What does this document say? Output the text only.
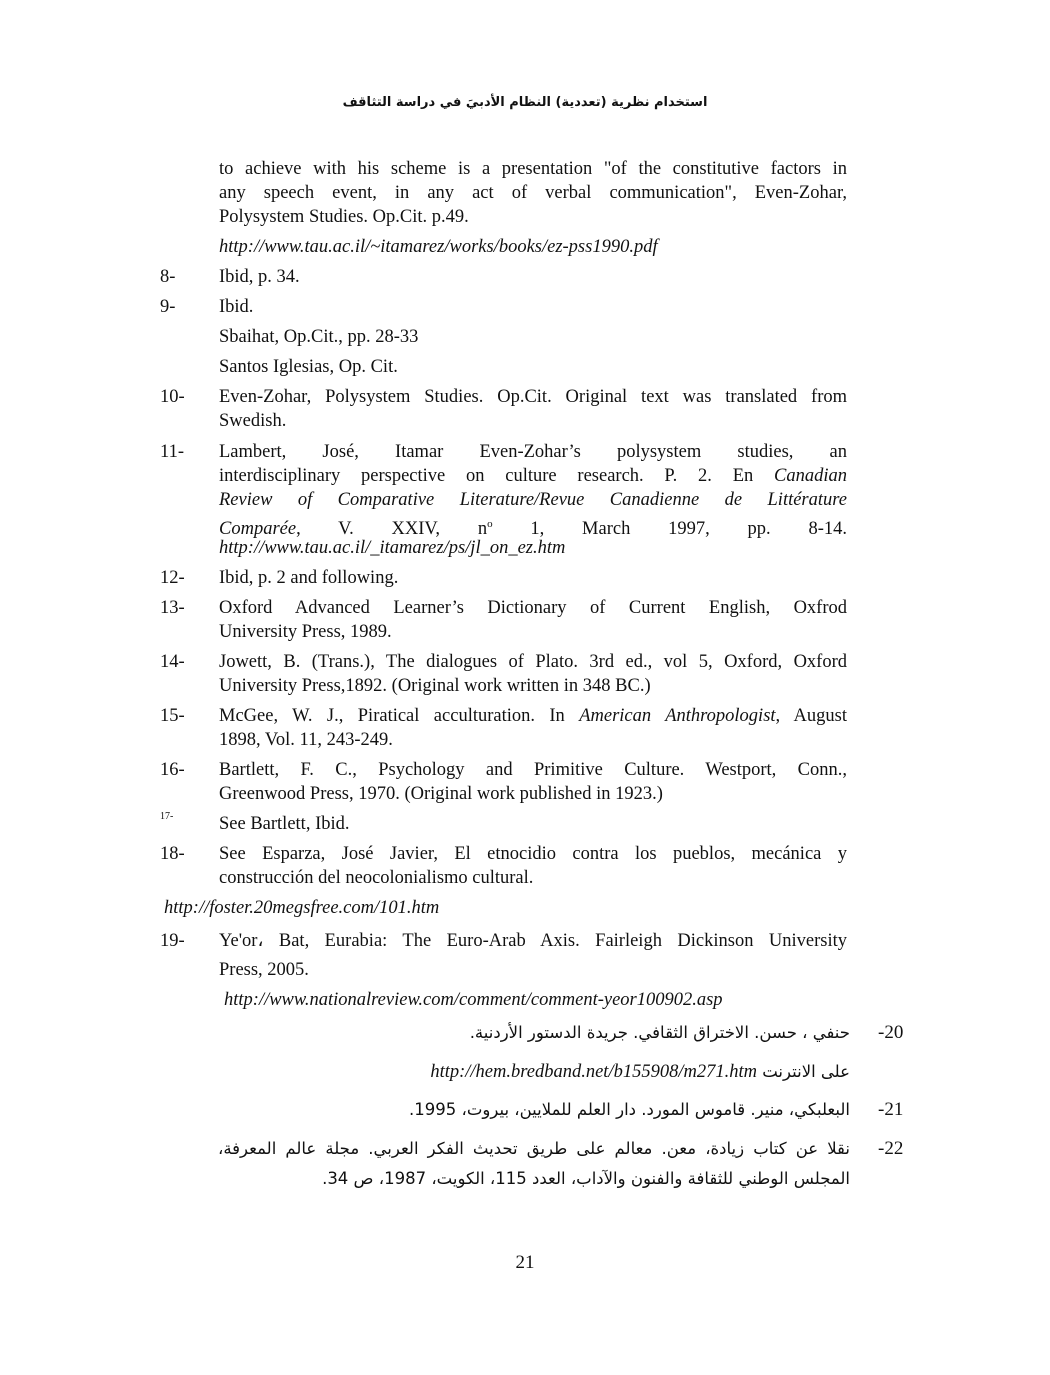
استخدام نظرية (تعددية) النظام الأدبيَ في دراسة التثاقف
to achieve with his scheme is a presentation "of the constitutive factors in
any speech event, in any act of verbal communication", Even-Zohar,
Polysystem Studies. Op.Cit. p.49.
http://www.tau.ac.il/~itamarez/works/books/ez-pss1990.pdf
8- Ibid, p. 34.
9- Ibid.
Sbaihat, Op.Cit., pp. 28-33
Santos Iglesias, Op. Cit.
10- Even-Zohar, Polysystem Studies. Op.Cit. Original text was translated from
Swedish.
11- Lambert, José, Itamar Even-Zohar’s polysystem studies, an
interdisciplinary perspective on culture research. P. 2. En Canadian
Review of Comparative Literature/Revue Canadienne de Littérature
Comparée, V. XXIV, $n^o$ 1, March 1997, pp. 8-14.
http://www.tau.ac.il/_itamarez/ps/jl_on_ez.htm
12- Ibid, p. 2 and following.
13- Oxford Advanced Learner’s Dictionary of Current English, Oxfrod
University Press, 1989.
14- Jowett, B. (Trans.), The dialogues of Plato. 3rd ed., vol 5, Oxford, Oxford
University Press,1892. (Original work written in 348 BC.)
15- McGee, W. J., Piratical acculturation. In American Anthropologist, August
1898, Vol. 11, 243-249.
16- Bartlett, F. C., Psychology and Primitive Culture. Westport, Conn.,
Greenwood Press, 1970. (Original work published in 1923.)
17- See Bartlett, Ibid.
18- See Esparza, José Javier, El etnocidio contra los pueblos, mecánica y
construcción del neocolonialismo cultural.
http://foster.20megsfree.com/101.htm
19- Ye'or، Bat, Eurabia: The Euro-Arab Axis. Fairleigh Dickinson University
Press, 2005.
http://www.nationalreview.com/comment/comment-yeor100902.asp
-20
حنفي ، حسن. الاختراق الثقافي. جريدة الدستور الأردنية.
على الانترنت http://hem.bredband.net/b155908/m271.htm
-21
البعلبكي، منير. قاموس المورد. دار العلم للملايين، بيروت، 1995.
-22
نقلا عن كتاب زيادة، معن. معالم على طريق تحديث الفكر العربي. مجلة عالم المعرفة،
المجلس الوطني للثقافة والفنون والآداب، العدد 115، الكويت، 1987، ص 34.
21
